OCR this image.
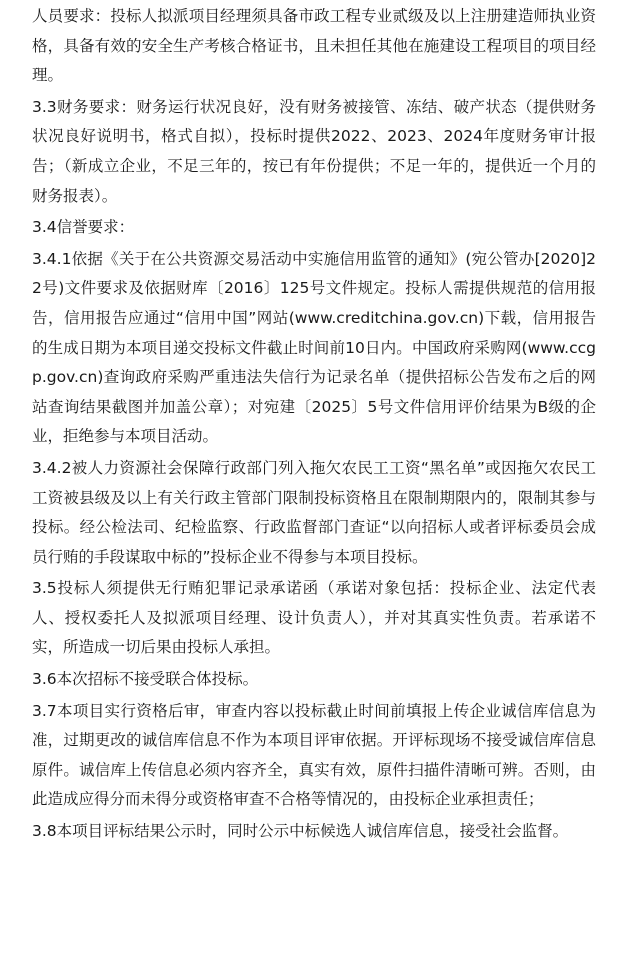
人员要求：投标人拟派项目经理须具备市政工程专业贰级及以上注册建造师执业资格，具备有效的安全生产考核合格证书，且未担任其他在施建设工程项目的项目经理。

3.3财务要求：财务运行状况良好，没有财务被接管、冻结、破产状态（提供财务状况良好说明书，格式自拟），投标时提供2022、2023、2024年度财务审计报告；（新成立企业，不足三年的，按已有年份提供；不足一年的，提供近一个月的财务报表）。

3.4信誉要求：

3.4.1依据《关于在公共资源交易活动中实施信用监管的通知》(宛公管办[2020]22号)文件要求及依据财库〔2016〕125号文件规定。投标人需提供规范的信用报告，信用报告应通过“信用中国”网站(www.creditchina.gov.cn)下载，信用报告的生成日期为本项目递交投标文件截止时间前10日内。中国政府采购网(www.ccgp.gov.cn)查询政府采购严重违法失信行为记录名单（提供招标公告发布之后的网站查询结果截图并加盖公章）；对宛建〔2025〕5号文件信用评价结果为B级的企业，拒绝参与本项目活动。

3.4.2被人力资源社会保障行政部门列入拖欠农民工工资“黑名单”或因拖欠农民工工资被县级及以上有关行政主管部门限制投标资格且在限制期限内的，限制其参与投标。经公检法司、纪检监察、行政监督部门查证“以向招标人或者评标委员会成员行贿的手段谋取中标的”投标企业不得参与本项目投标。

3.5投标人须提供无行贿犯罪记录承诺函（承诺对象包括：投标企业、法定代表人、授权委托人及拟派项目经理、设计负责人），并对其真实性负责。若承诺不实，所造成一切后果由投标人承担。

3.6本次招标不接受联合体投标。

3.7本项目实行资格后审，审查内容以投标截止时间前填报上传企业诚信库信息为准，过期更改的诚信库信息不作为本项目评审依据。开评标现场不接受诚信库信息原件。诚信库上传信息必须内容齐全，真实有效，原件扫描件清晰可辨。否则，由此造成应得分而未得分或资格审查不合格等情况的，由投标企业承担责任；

3.8本项目评标结果公示时，同时公示中标候选人诚信库信息，接受社会监督。
